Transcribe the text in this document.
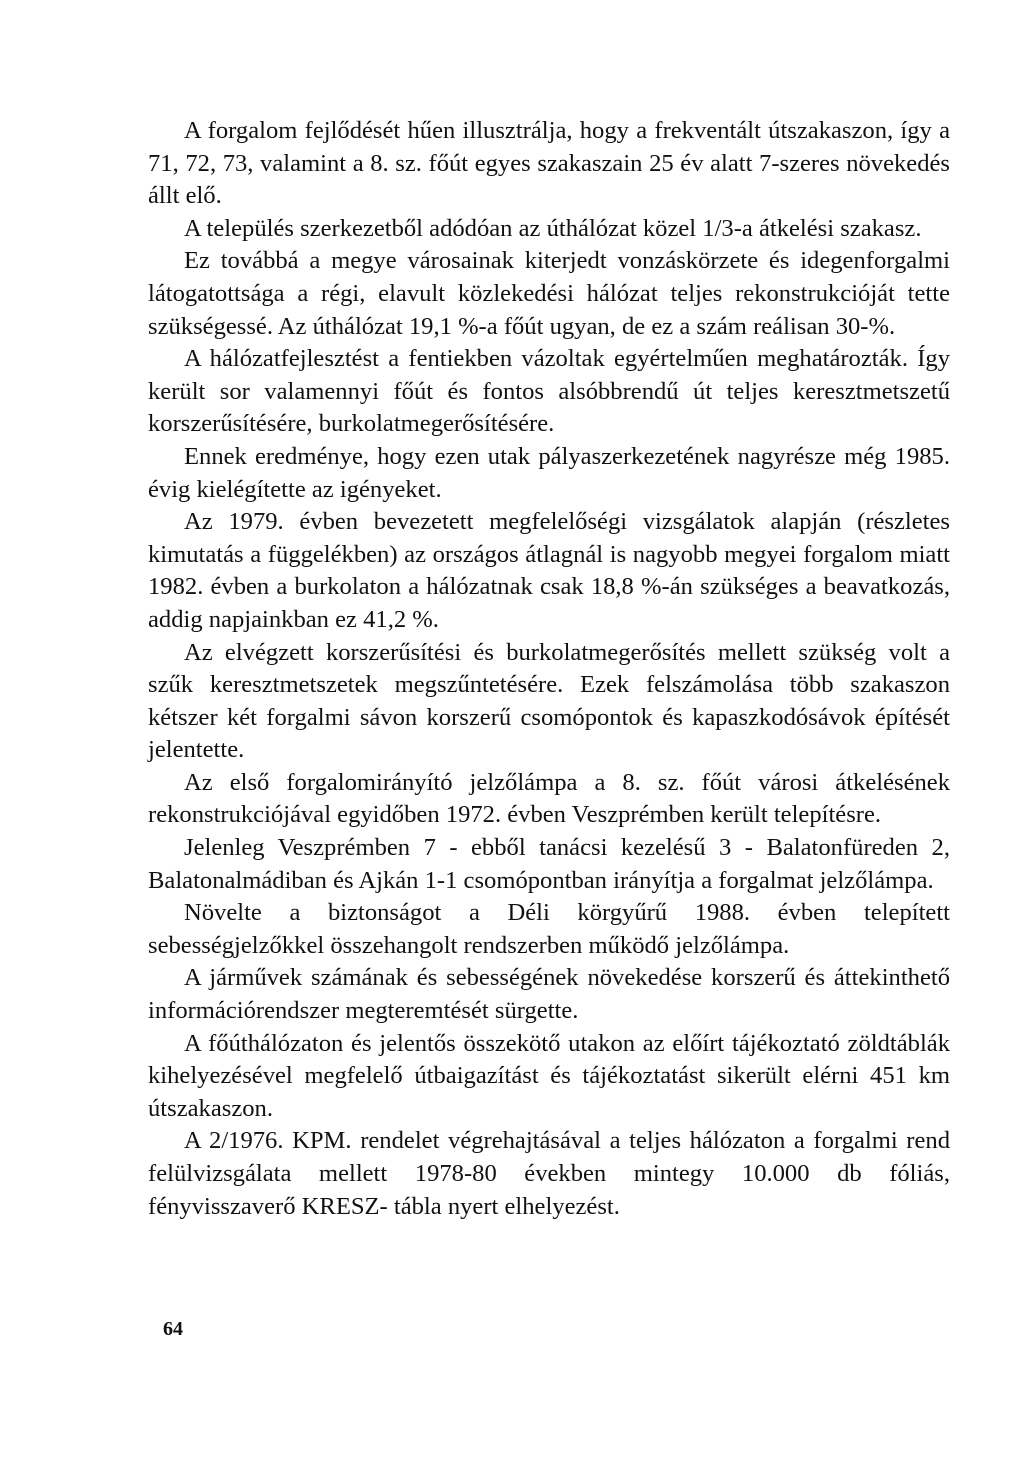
A forgalom fejlődését hűen illusztrálja, hogy a frekventált útszakaszon, így a 71, 72, 73, valamint a 8. sz. főút egyes szakaszain 25 év alatt 7-szeres növekedés állt elő.

A település szerkezetből adódóan az úthálózat közel 1/3-a átkelési szakasz.

Ez továbbá a megye városainak kiterjedt vonzáskörzete és idegenforgalmi látogatottsága a régi, elavult közlekedési hálózat teljes rekonstrukcióját tette szükségessé. Az úthálózat 19,1 %-a főút ugyan, de ez a szám reálisan 30-%.

A hálózatfejlesztést a fentiekben vázoltak egyértelműen meghatározták. Így került sor valamennyi főút és fontos alsóbbrendű út teljes keresztmetszetű korszerűsítésére, burkolatmegerősítésére.

Ennek eredménye, hogy ezen utak pályaszerkezetének nagyrésze még 1985. évig kielégítette az igényeket.

Az 1979. évben bevezetett megfelelőségi vizsgálatok alapján (részletes kimutatás a függelékben) az országos átlagnál is nagyobb megyei forgalom miatt 1982. évben a burkolaton a hálózatnak csak 18,8 %-án szükséges a beavatkozás, addig napjainkban ez 41,2 %.

Az elvégzett korszerűsítési és burkolatmegerősítés mellett szükség volt a szűk keresztmetszetek megszűntetésére. Ezek felszámolása több szakaszon kétszer két forgalmi sávon korszerű csomópontok és kapaszkodósávok építését jelentette.

Az első forgalomirányító jelzőlámpa a 8. sz. főút városi átkelésének rekonstrukciójával egyidőben 1972. évben Veszprémben került telepítésre.

Jelenleg Veszprémben 7 - ebből tanácsi kezelésű 3 - Balatonfüreden 2, Balatonalmádiban és Ajkán 1-1 csomópontban irányítja a forgalmat jelzőlámpa.

Növelte a biztonságot a Déli körgyűrű 1988. évben telepített sebességjelzőkkel összehangolt rendszerben működő jelzőlámpa.

A járművek számának és sebességének növekedése korszerű és áttekinthető információrendszer megteremtését sürgette.

A főúthálózaton és jelentős összekötő utakon az előírt tájékoztató zöldtáblák kihelyezésével megfelelő útbaigazítást és tájékoztatást sikerült elérni 451 km útszakaszon.

A 2/1976. KPM. rendelet végrehajtásával a teljes hálózaton a forgalmi rend felülvizsgálata mellett 1978-80 években mintegy 10.000 db fóliás, fényvisszaverő KRESZ- tábla nyert elhelyezést.

64
